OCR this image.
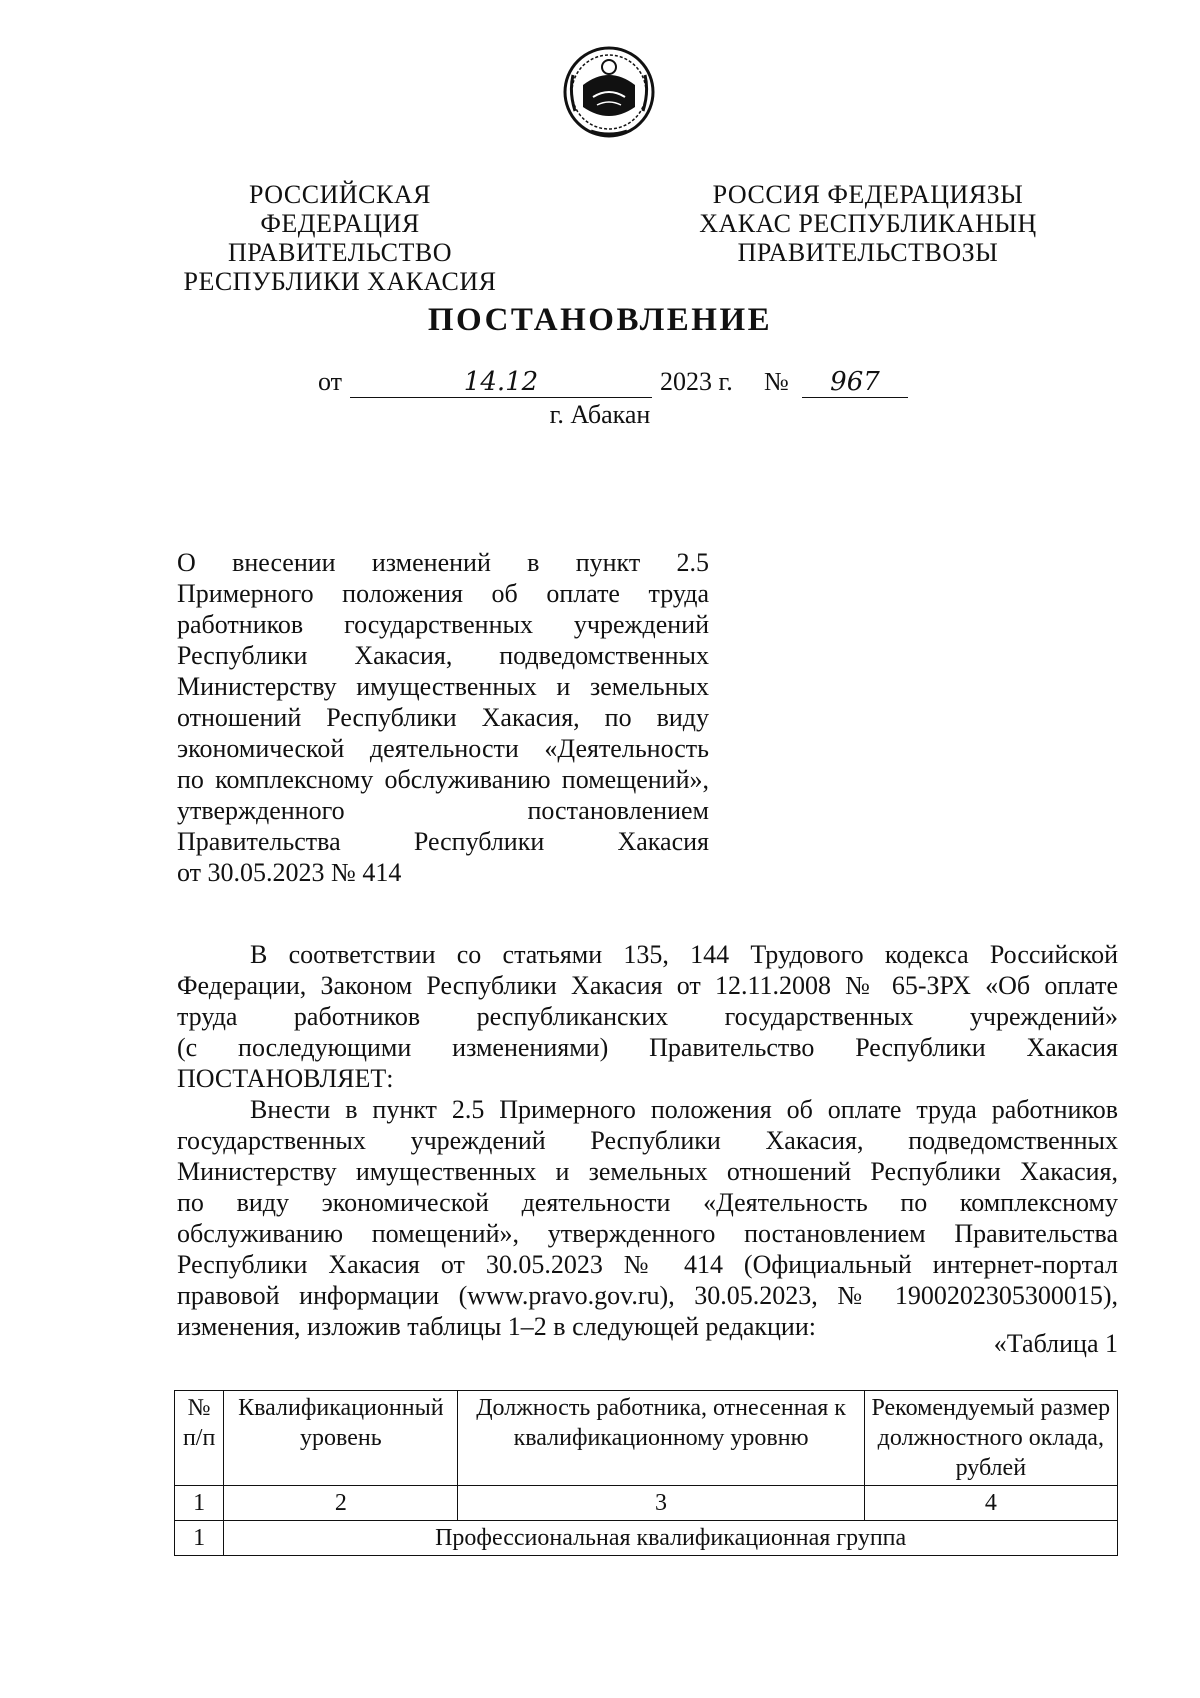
РОССИЙСКАЯ ФЕДЕРАЦИЯ
ПРАВИТЕЛЬСТВО
РЕСПУБЛИКИ ХАКАСИЯ
РОССИЯ ФЕДЕРАЦИЯЗЫ
ХАКАС РЕСПУБЛИКАНЫҢ
ПРАВИТЕЛЬСТВОЗЫ
ПОСТАНОВЛЕНИЕ
от	14.12	2023 г. №	967
г. Абакан
О внесении изменений в пункт 2.5
Примерного положения об оплате труда
работников государственных учреждений
Республики Хакасия, подведомственных
Министерству имущественных и земельных
отношений Республики Хакасия, по виду
экономической деятельности «Деятельность
по комплексному обслуживанию помещений»,
утвержденного постановлением
Правительства Республики Хакасия
от 30.05.2023 № 414
В соответствии со статьями 135, 144 Трудового кодекса Российской
Федерации, Законом Республики Хакасия от 12.11.2008 № 65-ЗРХ «Об оплате
труда работников республиканских государственных учреждений»
(с последующими изменениями) Правительство Республики Хакасия
ПОСТАНОВЛЯЕТ:
Внести в пункт 2.5 Примерного положения об оплате труда работников
государственных учреждений Республики Хакасия, подведомственных
Министерству имущественных и земельных отношений Республики Хакасия,
по виду экономической деятельности «Деятельность по комплексному
обслуживанию помещений», утвержденного постановлением Правительства
Республики Хакасия от 30.05.2023 № 414 (Официальный интернет-портал
правовой информации (www.pravo.gov.ru), 30.05.2023, № 1900202305300015),
изменения, изложив таблицы 1–2 в следующей редакции:
«Таблица 1
№ п/п	Квалификационный уровень	Должность работника, отнесенная к квалификационному уровню	Рекомендуемый размер должностного оклада, рублей
1	2	3	4
1	Профессиональная квалификационная группа		
